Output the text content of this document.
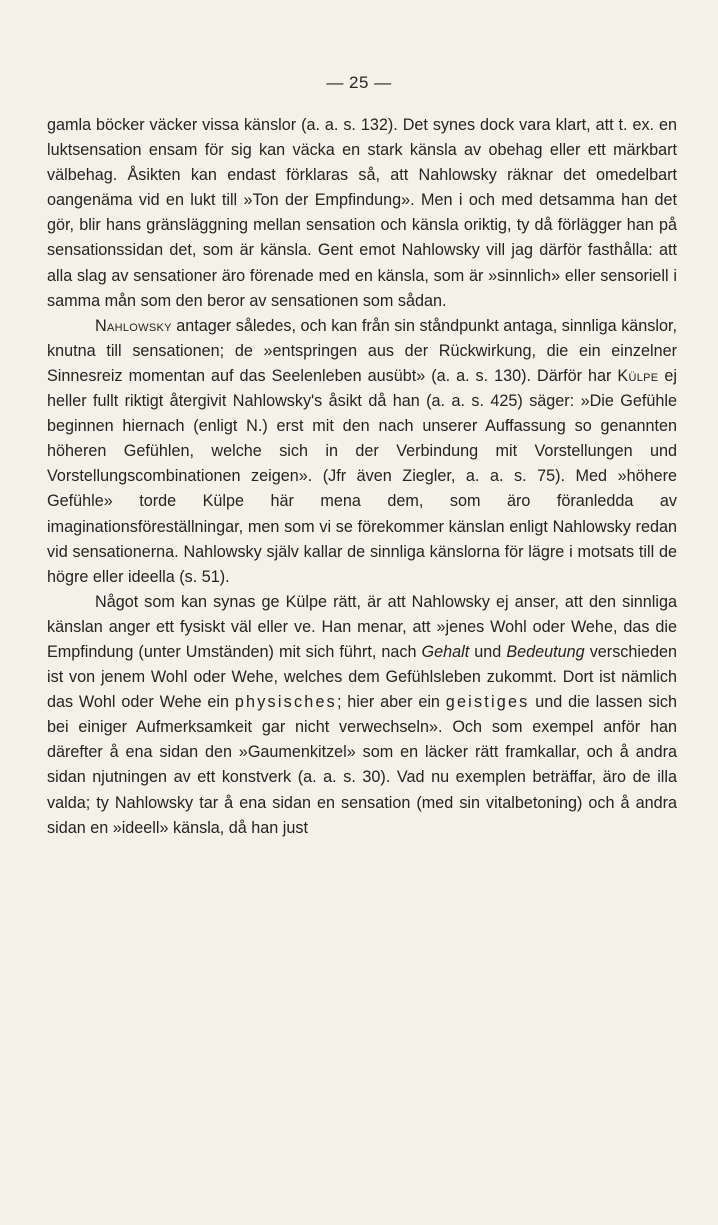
— 25 —

gamla böcker väcker vissa känslor (a. a. s. 132). Det synes dock vara klart, att t. ex. en luktsensation ensam för sig kan väcka en stark känsla av obehag eller ett märkbart välbehag. Åsikten kan endast förklaras så, att Nahlowsky räknar det omedelbart oangenäma vid en lukt till »Ton der Empfindung». Men i och med detsamma han det gör, blir hans gränsläggning mellan sensation och känsla oriktig, ty då förlägger han på sensationssidan det, som är känsla. Gent emot Nahlowsky vill jag därför fasthålla: att alla slag av sensationer äro förenade med en känsla, som är »sinnlich» eller sensoriell i samma mån som den beror av sensationen som sådan.

Nahlowsky antager således, och kan från sin ståndpunkt antaga, sinnliga känslor, knutna till sensationen; de »entspringen aus der Rückwirkung, die ein einzelner Sinnesreiz momentan auf das Seelenleben ausübt» (a. a. s. 130). Därför har Külpe ej heller fullt riktigt återgivit Nahlowsky's åsikt då han (a. a. s. 425) säger: »Die Gefühle beginnen hiernach (enligt N.) erst mit den nach unserer Auffassung so genannten höheren Gefühlen, welche sich in der Verbindung mit Vorstellungen und Vorstellungscombinationen zeigen». (Jfr även Ziegler, a. a. s. 75). Med »höhere Gefühle» torde Külpe här mena dem, som äro föranledda av imaginationsföreställningar, men som vi se förekommer känslan enligt Nahlowsky redan vid sensationerna. Nahlowsky själv kallar de sinnliga känslorna för lägre i motsats till de högre eller ideella (s. 51).

Något som kan synas ge Külpe rätt, är att Nahlowsky ej anser, att den sinnliga känslan anger ett fysiskt väl eller ve. Han menar, att »jenes Wohl oder Wehe, das die Empfindung (unter Umständen) mit sich führt, nach Gehalt und Bedeutung verschieden ist von jenem Wohl oder Wehe, welches dem Gefühlsleben zukommt. Dort ist nämlich das Wohl oder Wehe ein physisches; hier aber ein geistiges und die lassen sich bei einiger Aufmerksamkeit gar nicht verwechseln». Och som exempel anför han därefter å ena sidan den »Gaumenkitzel» som en läcker rätt framkallar, och å andra sidan njutningen av ett konstverk (a. a. s. 30). Vad nu exemplen beträffar, äro de illa valda; ty Nahlowsky tar å ena sidan en sensation (med sin vitalbetoning) och å andra sidan en »ideell» känsla, då han just
